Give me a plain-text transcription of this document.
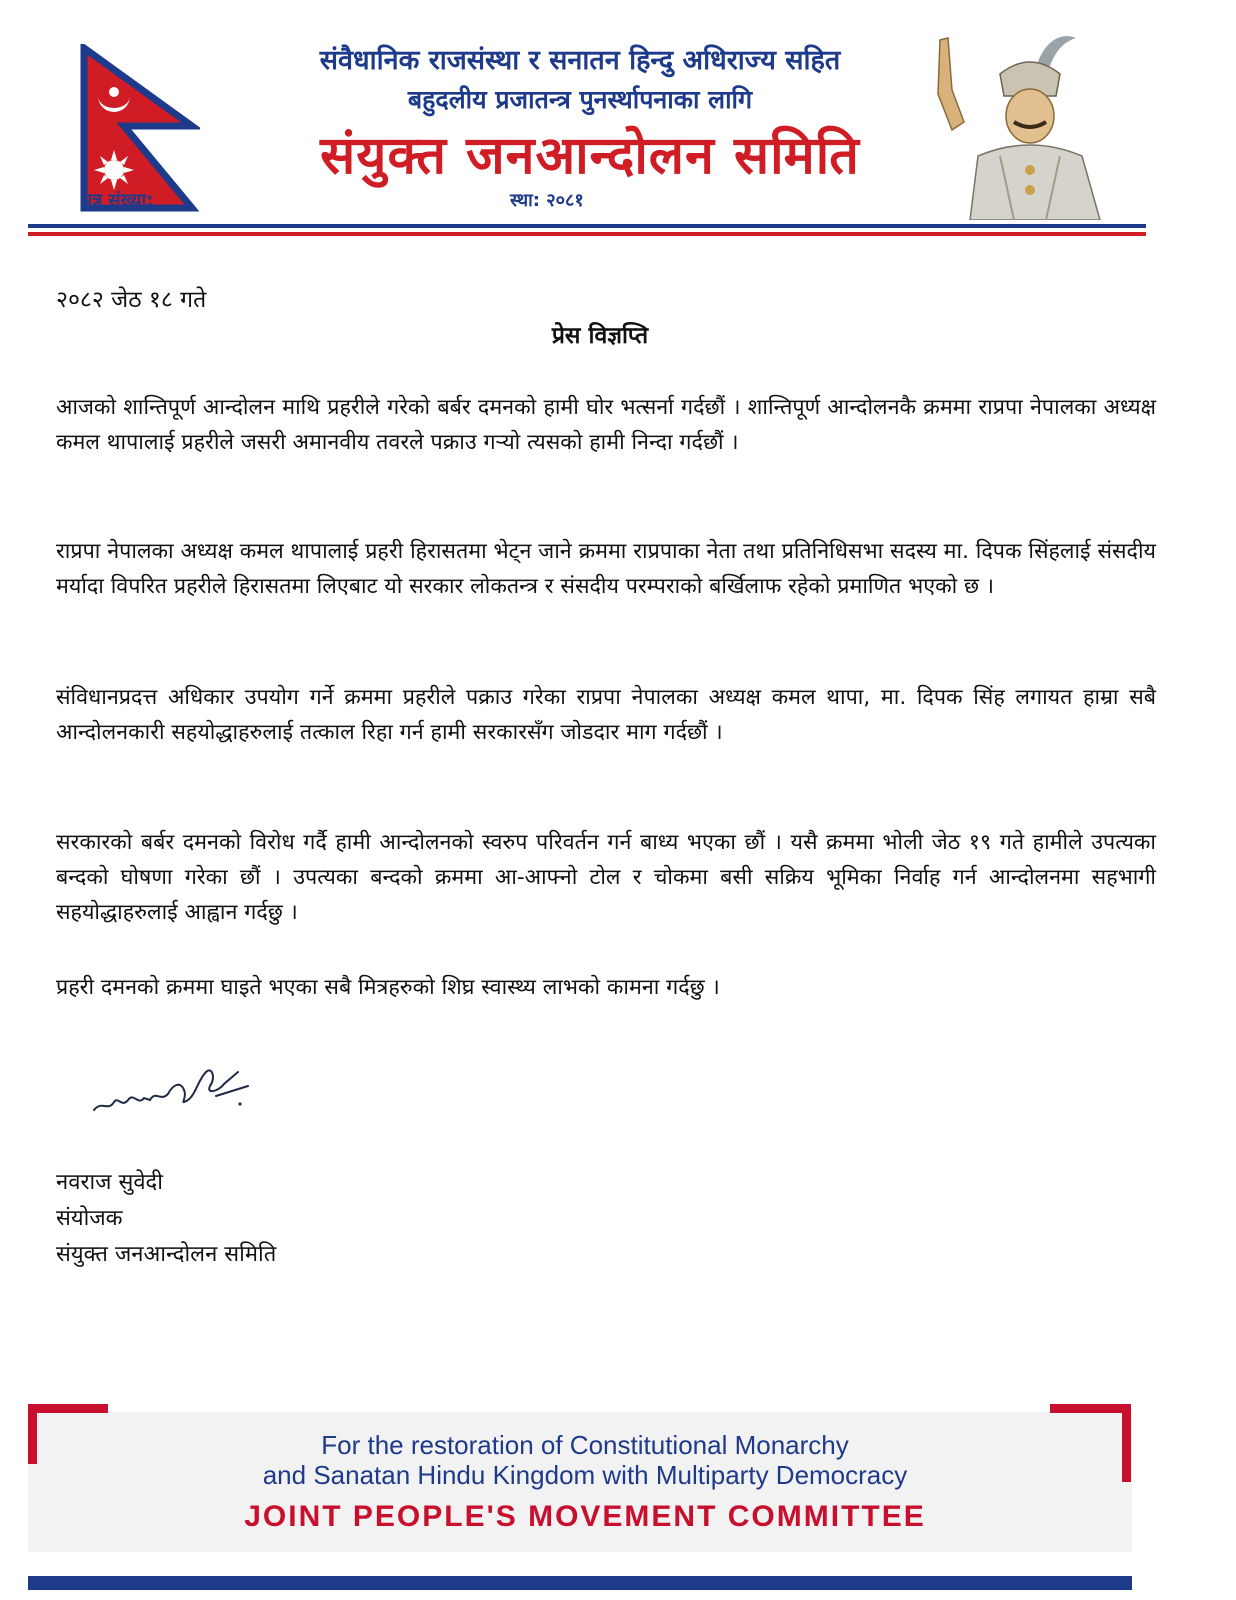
संवैधानिक राजसंस्था र सनातन हिन्दु अधिराज्य सहित
बहुदलीय प्रजातन्त्र पुनर्स्थापनाका लागि
संयुक्त जनआन्दोलन समिति
पत्र संख्या:	स्था: २०८१
२०८२ जेठ १८ गते
प्रेस विज्ञप्ति
आजको शान्तिपूर्ण आन्दोलन माथि प्रहरीले गरेको बर्बर दमनको हामी घोर भत्सर्ना गर्दछौं । शान्तिपूर्ण आन्दोलनकै क्रममा राप्रपा नेपालका अध्यक्ष कमल थापालाई प्रहरीले जसरी अमानवीय तवरले पक्राउ गऱ्यो त्यसको हामी निन्दा गर्दछौं ।
राप्रपा नेपालका अध्यक्ष कमल थापालाई प्रहरी हिरासतमा भेट्न जाने क्रममा राप्रपाका नेता तथा प्रतिनिधिसभा सदस्य मा. दिपक सिंहलाई संसदीय मर्यादा विपरित प्रहरीले हिरासतमा लिएबाट यो सरकार लोकतन्त्र र संसदीय परम्पराको बर्खिलाफ रहेको प्रमाणित भएको छ ।
संविधानप्रदत्त अधिकार उपयोग गर्ने क्रममा प्रहरीले पक्राउ गरेका राप्रपा नेपालका अध्यक्ष कमल थापा, मा. दिपक सिंह लगायत हाम्रा सबै आन्दोलनकारी सहयोद्धाहरुलाई तत्काल रिहा गर्न हामी सरकारसँग जोडदार माग गर्दछौं ।
सरकारको बर्बर दमनको विरोध गर्दै हामी आन्दोलनको स्वरुप परिवर्तन गर्न बाध्य भएका छौं । यसै क्रममा भोली जेठ १९ गते हामीले उपत्यका बन्दको घोषणा गरेका छौं । उपत्यका बन्दको क्रममा आ-आफ्नो टोल र चोकमा बसी सक्रिय भूमिका निर्वाह गर्न आन्दोलनमा सहभागी सहयोद्धाहरुलाई आह्वान गर्दछु ।
प्रहरी दमनको क्रममा घाइते भएका सबै मित्रहरुको शिघ्र स्वास्थ्य लाभको कामना गर्दछु ।
नवराज सुवेदी
संयोजक
संयुक्त जनआन्दोलन समिति
For the restoration of Constitutional Monarchy
and Sanatan Hindu Kingdom with Multiparty Democracy
JOINT PEOPLE'S MOVEMENT COMMITTEE
